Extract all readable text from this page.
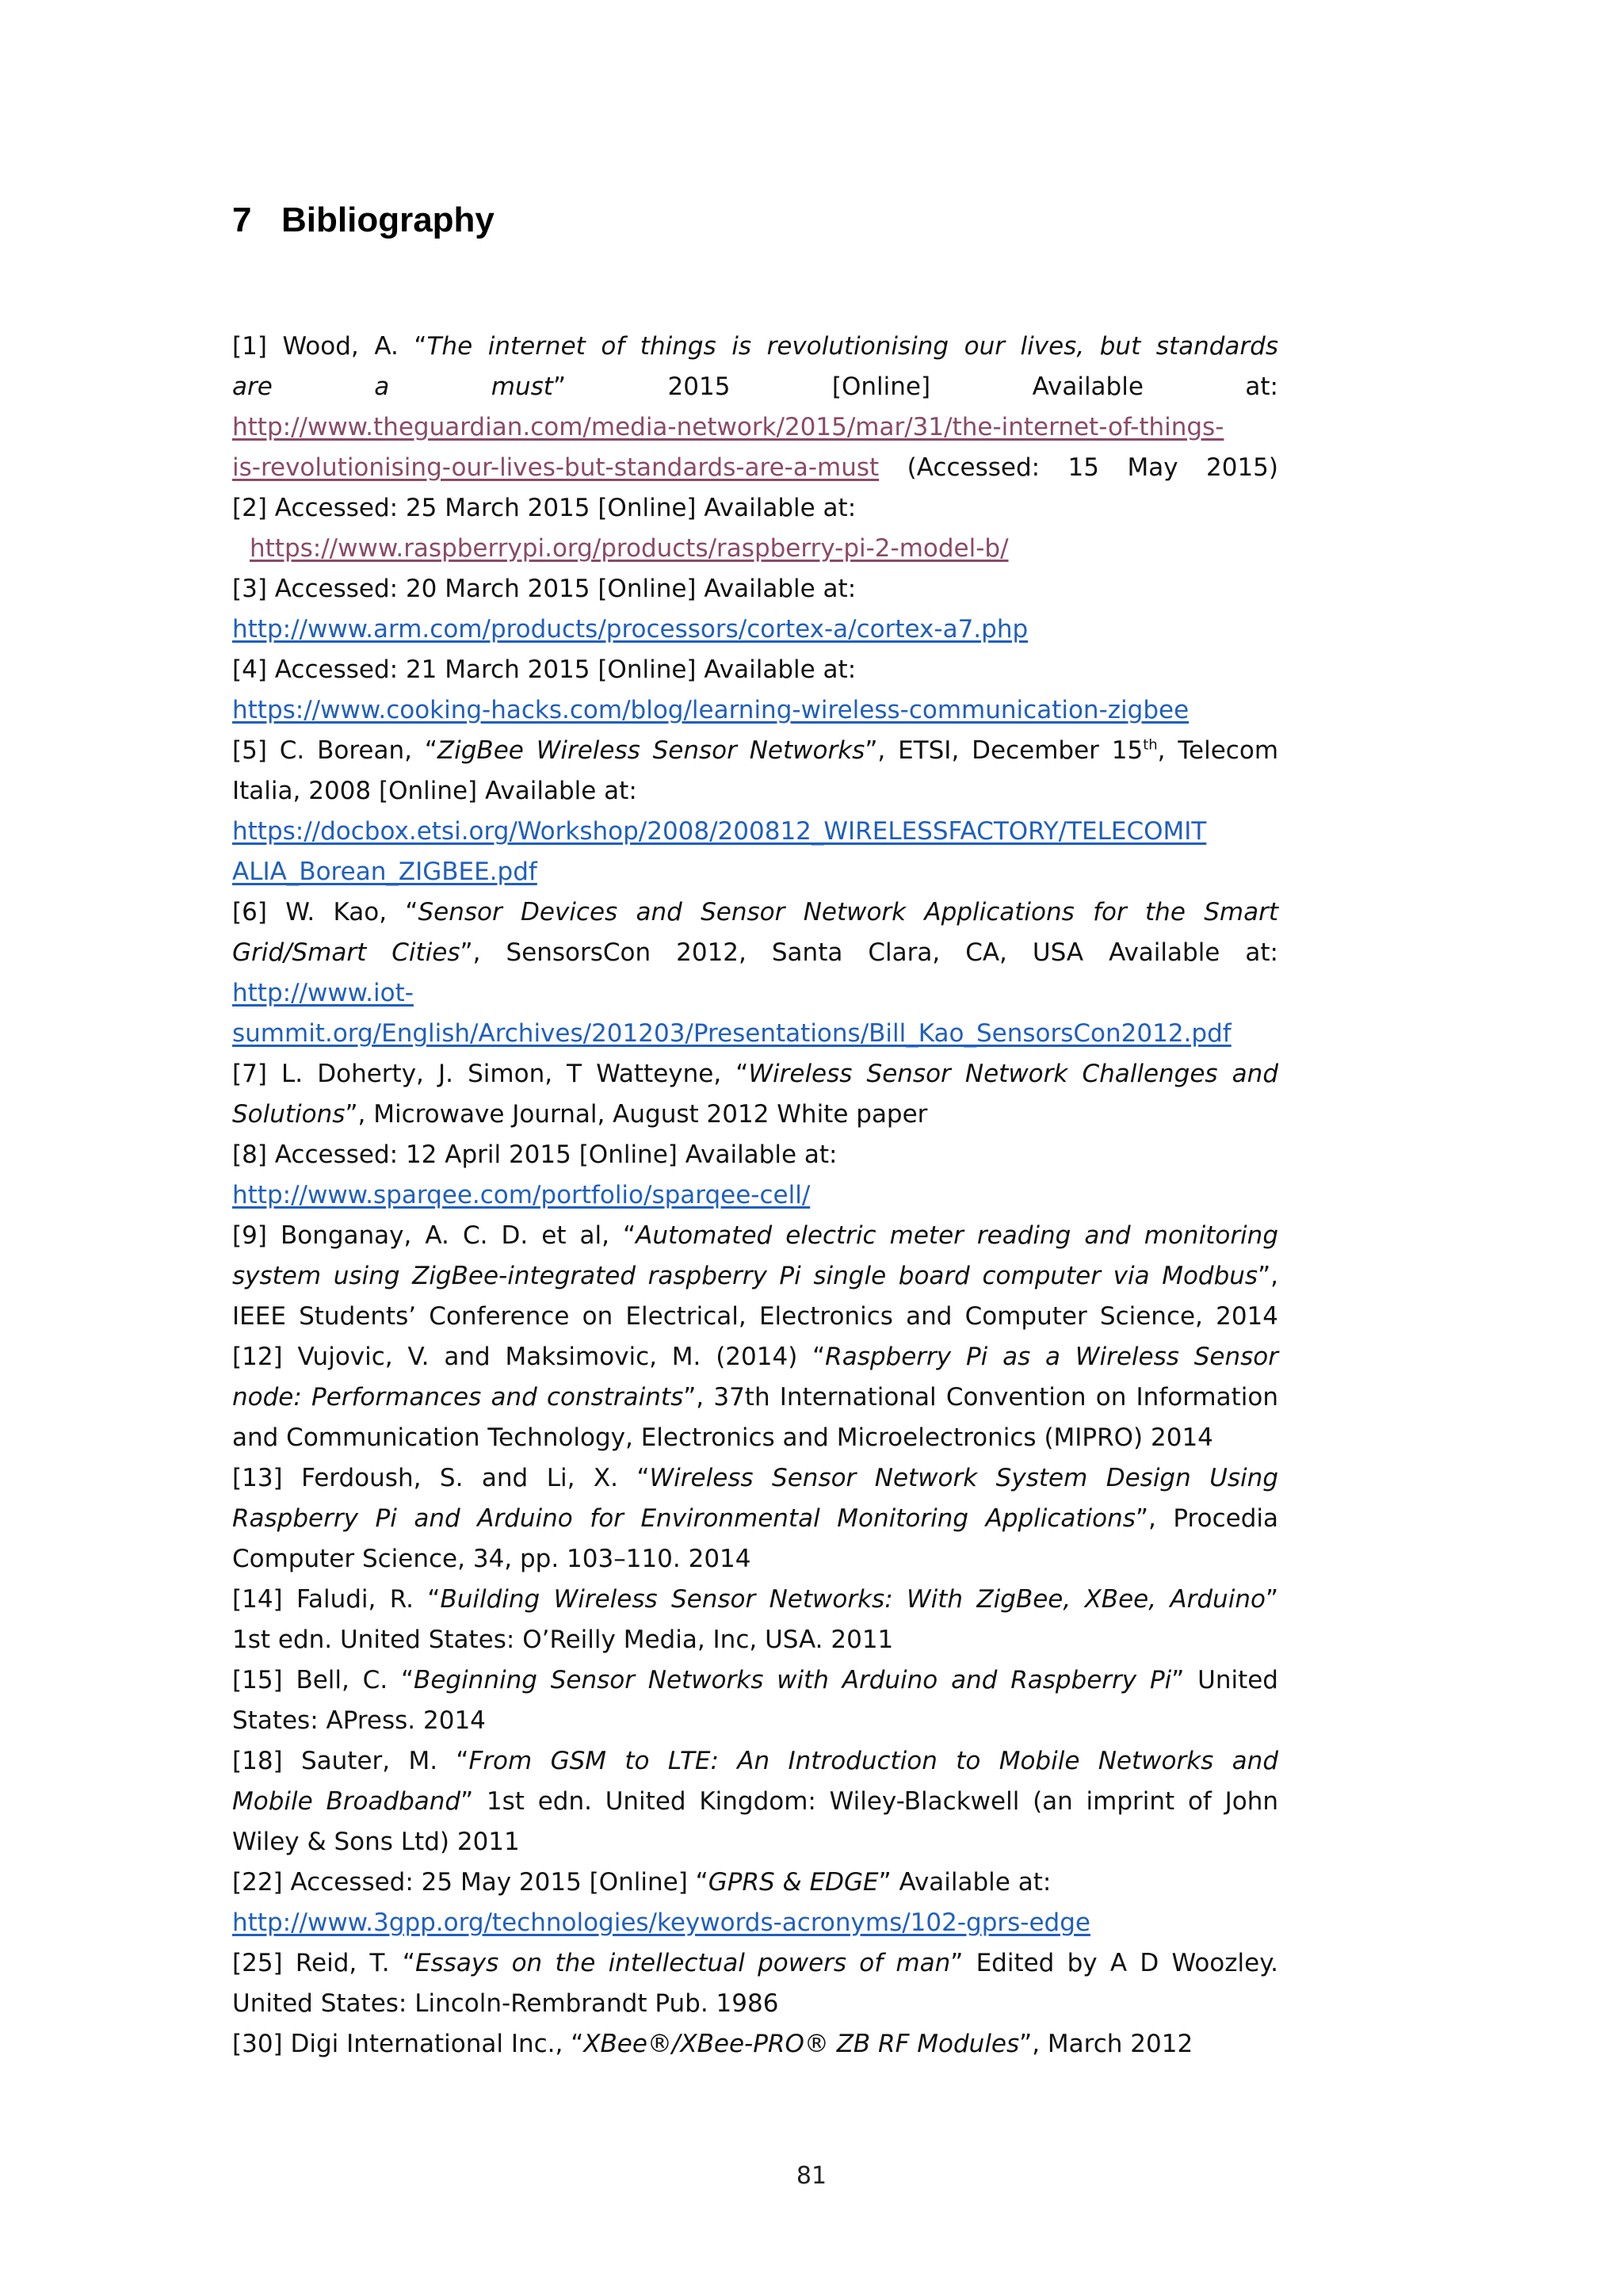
7 Bibliography
[1] Wood, A. “The internet of things is revolutionising our lives, but standards
are a must” 2015 [Online] Available at:
http://www.theguardian.com/media-network/2015/mar/31/the-internet-of-things-
is-revolutionising-our-lives-but-standards-are-a-must (Accessed: 15 May 2015)
[2] Accessed: 25 March 2015 [Online] Available at:
https://www.raspberrypi.org/products/raspberry-pi-2-model-b/
[3] Accessed: 20 March 2015 [Online] Available at:
http://www.arm.com/products/processors/cortex-a/cortex-a7.php
[4] Accessed: 21 March 2015 [Online] Available at:
https://www.cooking-hacks.com/blog/learning-wireless-communication-zigbee
[5] C. Borean, “ZigBee Wireless Sensor Networks”, ETSI, December 15th, Telecom
Italia, 2008 [Online] Available at:
https://docbox.etsi.org/Workshop/2008/200812_WIRELESSFACTORY/TELECOMIT
ALIA_Borean_ZIGBEE.pdf
[6] W. Kao, “Sensor Devices and Sensor Network Applications for the Smart
Grid/Smart Cities”, SensorsCon 2012, Santa Clara, CA, USA Available at:
http://www.iot-
summit.org/English/Archives/201203/Presentations/Bill_Kao_SensorsCon2012.pdf
[7] L. Doherty, J. Simon, T Watteyne, “Wireless Sensor Network Challenges and
Solutions”, Microwave Journal, August 2012 White paper
[8] Accessed: 12 April 2015 [Online] Available at:
http://www.sparqee.com/portfolio/sparqee-cell/
[9] Bonganay, A. C. D. et al, “Automated electric meter reading and monitoring
system using ZigBee-integrated raspberry Pi single board computer via Modbus”,
IEEE Students’ Conference on Electrical, Electronics and Computer Science, 2014
[12] Vujovic, V. and Maksimovic, M. (2014) “Raspberry Pi as a Wireless Sensor
node: Performances and constraints”, 37th International Convention on Information
and Communication Technology, Electronics and Microelectronics (MIPRO) 2014
[13] Ferdoush, S. and Li, X. “Wireless Sensor Network System Design Using
Raspberry Pi and Arduino for Environmental Monitoring Applications”, Procedia
Computer Science, 34, pp. 103–110. 2014
[14] Faludi, R. “Building Wireless Sensor Networks: With ZigBee, XBee, Arduino”
1st edn. United States: O’Reilly Media, Inc, USA. 2011
[15] Bell, C. “Beginning Sensor Networks with Arduino and Raspberry Pi” United
States: APress. 2014
[18] Sauter, M. “From GSM to LTE: An Introduction to Mobile Networks and
Mobile Broadband” 1st edn. United Kingdom: Wiley-Blackwell (an imprint of John
Wiley & Sons Ltd) 2011
[22] Accessed: 25 May 2015 [Online] “GPRS & EDGE” Available at:
http://www.3gpp.org/technologies/keywords-acronyms/102-gprs-edge
[25] Reid, T. “Essays on the intellectual powers of man” Edited by A D Woozley.
United States: Lincoln-Rembrandt Pub. 1986
[30] Digi International Inc., “XBee®/XBee-PRO® ZB RF Modules”, March 2012
81
